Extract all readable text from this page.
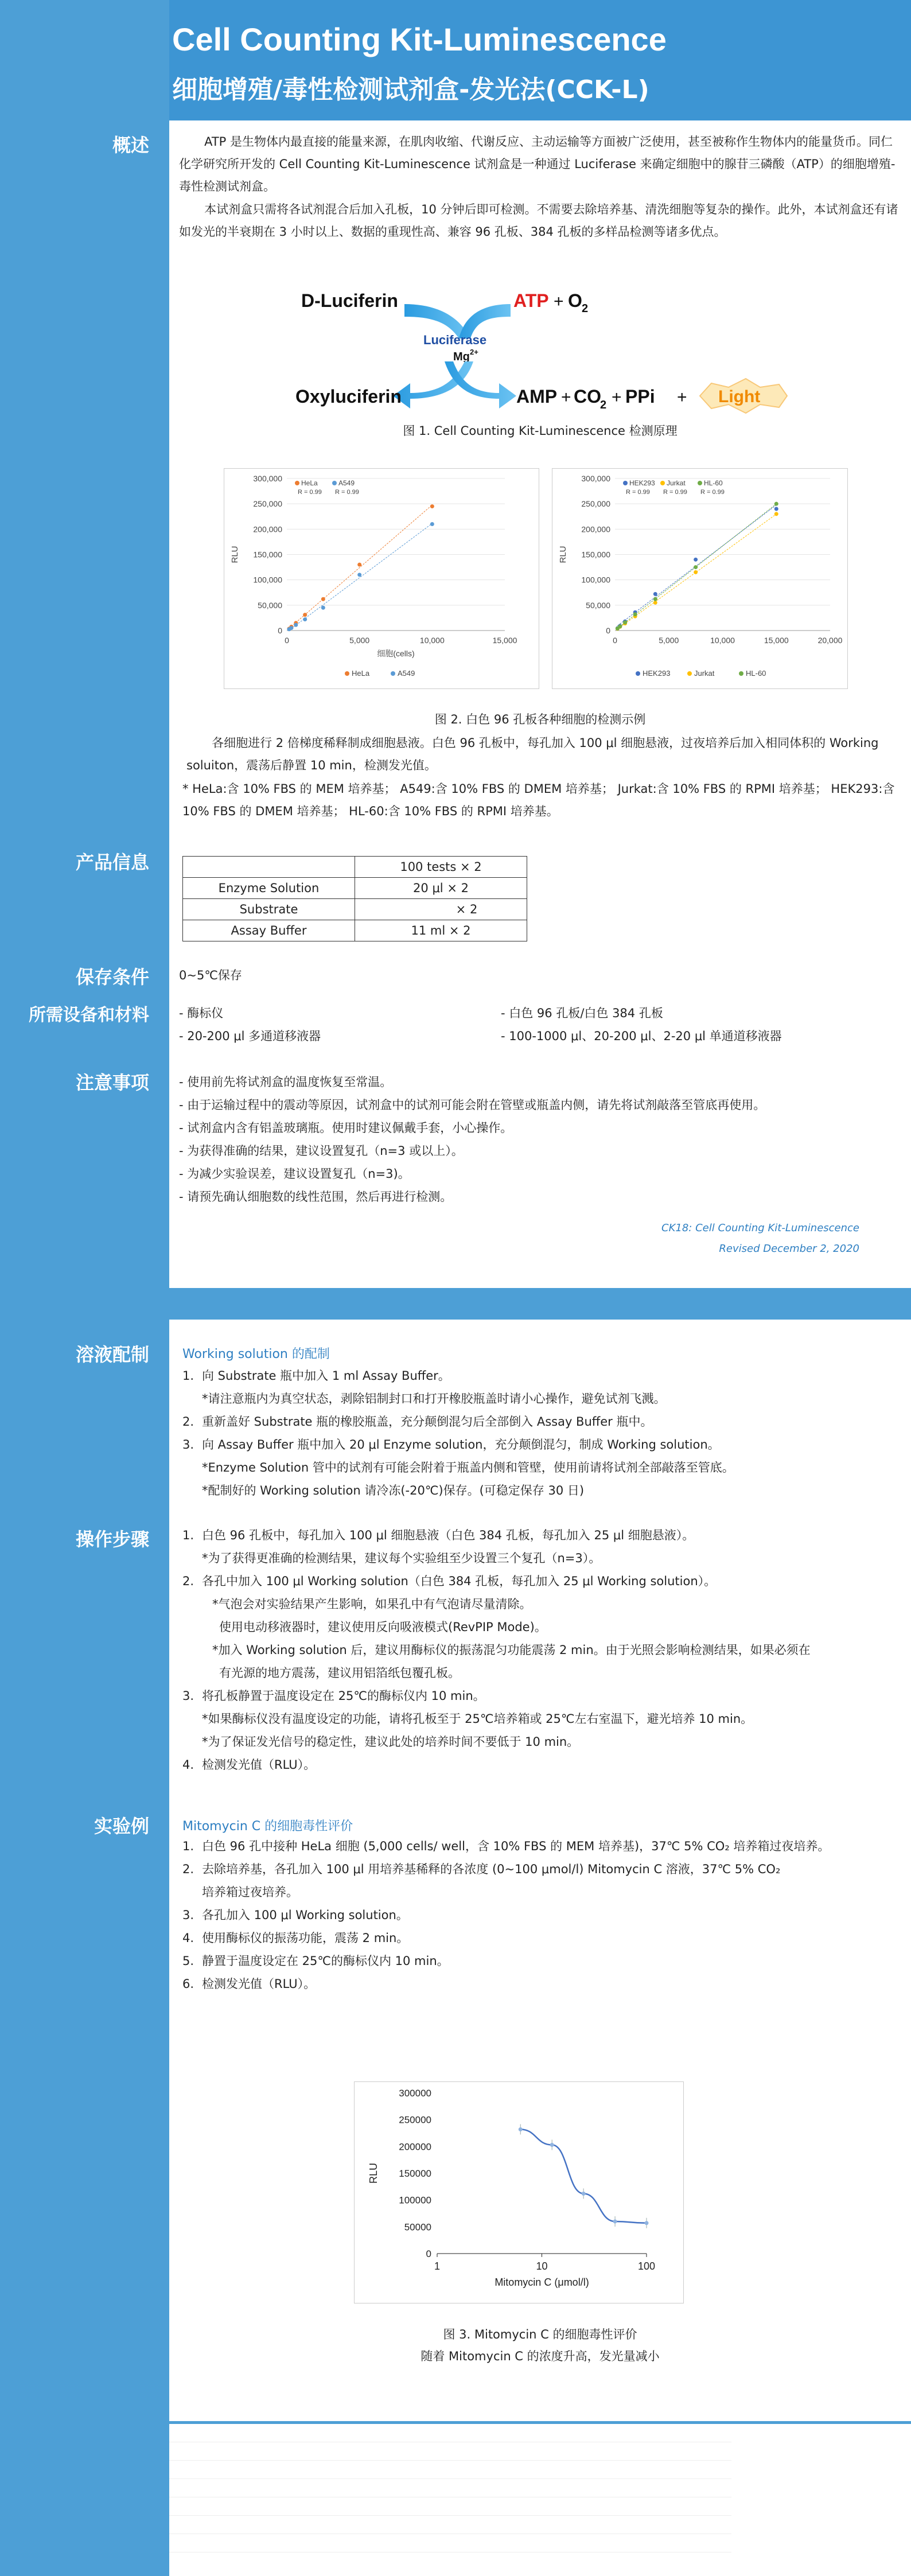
Cell Counting Kit-Luminescence
细胞增殖/毒性检测试剂盒-发光法(CCK-L)
概述	ATP 是生物体内最直接的能量来源，在肌肉收缩、代谢反应、主动运输等方面被广泛使用，甚至被称作生物体内的能量货币。同仁化学研究所开发的 Cell Counting Kit-Luminescence 试剂盒是一种通过 Luciferase 来确定细胞中的腺苷三磷酸（ATP）的细胞增殖-毒性检测试剂盒。
本试剂盒只需将各试剂混合后加入孔板，10 分钟后即可检测。不需要去除培养基、清洗细胞等复杂的操作。此外，本试剂盒还有诸如发光的半衰期在 3 小时以上、数据的重现性高、兼容 96 孔板、384 孔板的多样品检测等诸多优点。
D-Luciferin	ATP + O 2
Luciferase
Mg 2+
Oxyluciferin	AMP + CO
2 + PPi + Light
图 1. Cell Counting Kit-Luminescence 检测原理
0
50,000
100,000
150,000
200,000
250,000
300,000
0	5,000	10,000	15,000
RLU
细胞(cells)
HeLa
R = 0.99
HeLa
A549
R = 0.99
A549
0
50,000
100,000
150,000
200,000
250,000
300,000
0	5,000	10,000	15,000	20,000
RLU
HEK293
R = 0.99
HEK293
Jurkat
R = 0.99
Jurkat
HL-60
R = 0.99
HL-60
图 2. 白色 96 孔板各种细胞的检测示例
各细胞进行 2 倍梯度稀释制成细胞悬液。白色 96 孔板中，每孔加入 100 μl 细胞悬液，过夜培养后加入相同体积的 Working soluiton，震荡后静置 10 min，检测发光值。
* HeLa:含 10% FBS 的 MEM 培养基； A549:含 10% FBS 的 DMEM 培养基； Jurkat:含 10% FBS 的 RPMI 培养基； HEK293:含 10% FBS 的 DMEM 培养基； HL-60:含 10% FBS 的 RPMI 培养基。
产品信息
		100 tests × 2
Enzyme Solution	20 μl × 2
Substrate	× 2
Assay Buffer	11 ml × 2
保存条件	0~5℃保存
所需设备和材料	- 酶标仪
- 20-200 μl 多通道移液器
- 白色 96 孔板/白色 384 孔板
- 100-1000 μl、20-200 μl、2-20 μl 单通道移液器
注意事项	- 使用前先将试剂盒的温度恢复至常温。
- 由于运输过程中的震动等原因，试剂盒中的试剂可能会附在管壁或瓶盖内侧，请先将试剂敲落至管底再使用。
- 试剂盒内含有铝盖玻璃瓶。使用时建议佩戴手套，小心操作。
- 为获得准确的结果，建议设置复孔（n=3 或以上）。
- 为减少实验误差，建议设置复孔（n=3)。
- 请预先确认细胞数的线性范围，然后再进行检测。
CK18: Cell Counting Kit-Luminescence
Revised December 2, 2020
溶液配制	Working solution 的配制
1. 向 Substrate 瓶中加入 1 ml Assay Buffer。
*请注意瓶内为真空状态，剥除铝制封口和打开橡胶瓶盖时请小心操作，避免试剂飞溅。
2. 重新盖好 Substrate 瓶的橡胶瓶盖，充分颠倒混匀后全部倒入 Assay Buffer 瓶中。
3. 向 Assay Buffer 瓶中加入 20 μl Enzyme solution，充分颠倒混匀，制成 Working solution。
*Enzyme Solution 管中的试剂有可能会附着于瓶盖内侧和管壁，使用前请将试剂全部敲落至管底。
*配制好的 Working solution 请冷冻(-20℃)保存。(可稳定保存 30 日)
操作步骤	1. 白色 96 孔板中，每孔加入 100 μl 细胞悬液（白色 384 孔板，每孔加入 25 μl 细胞悬液）。
*为了获得更准确的检测结果，建议每个实验组至少设置三个复孔（n=3）。
2. 各孔中加入 100 μl Working solution（白色 384 孔板，每孔加入 25 μl Working solution）。
*气泡会对实验结果产生影响，如果孔中有气泡请尽量清除。
使用电动移液器时，建议使用反向吸液模式(RevPIP Mode)。
*加入 Working solution 后，建议用酶标仪的振荡混匀功能震荡 2 min。由于光照会影响检测结果，如果必须在
有光源的地方震荡，建议用铝箔纸包覆孔板。
3. 将孔板静置于温度设定在 25℃的酶标仪内 10 min。
*如果酶标仪没有温度设定的功能，请将孔板至于 25℃培养箱或 25℃左右室温下，避光培养 10 min。
*为了保证发光信号的稳定性，建议此处的培养时间不要低于 10 min。
4. 检测发光值（RLU）。
实验例	Mitomycin C 的细胞毒性评价
1. 白色 96 孔中接种 HeLa 细胞 (5,000 cells/ well，含 10% FBS 的 MEM 培养基)，37℃ 5% CO₂ 培养箱过夜培养。
2. 去除培养基，各孔加入 100 μl 用培养基稀释的各浓度 (0~100 μmol/l) Mitomycin C 溶液，37℃ 5% CO₂
培养箱过夜培养。
3. 各孔加入 100 μl Working solution。
4. 使用酶标仪的振荡功能，震荡 2 min。
5. 静置于温度设定在 25℃的酶标仪内 10 min。
6. 检测发光值（RLU）。
0
50000
100000
150000
200000
250000
300000
1	10	100
RLU
Mitomycin C (μmol/l)
图 3. Mitomycin C 的细胞毒性评价
随着 Mitomycin C 的浓度升高，发光量减小
